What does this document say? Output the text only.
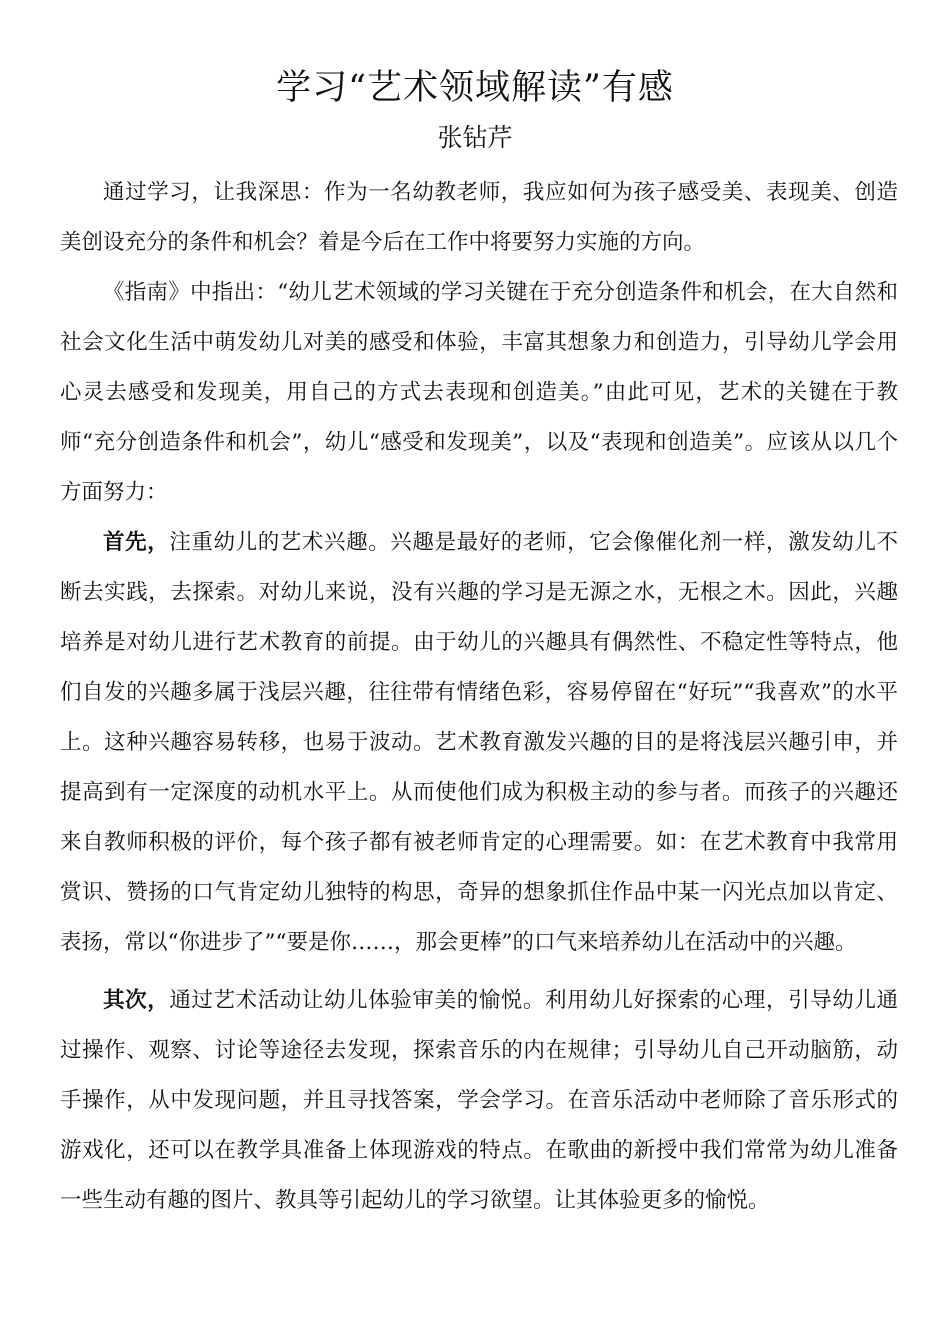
学习“艺术领域解读”有感
张钻芹

通过学习，让我深思：作为一名幼教老师，我应如何为孩子感受美、表现美、创造美创设充分的条件和机会？着是今后在工作中将要努力实施的方向。

《指南》中指出：“幼儿艺术领域的学习关键在于充分创造条件和机会，在大自然和社会文化生活中萌发幼儿对美的感受和体验，丰富其想象力和创造力，引导幼儿学会用心灵去感受和发现美，用自己的方式去表现和创造美。”由此可见，艺术的关键在于教师“充分创造条件和机会”，幼儿“感受和发现美”，以及“表现和创造美”。应该从以几个方面努力：

首先，注重幼儿的艺术兴趣。兴趣是最好的老师，它会像催化剂一样，激发幼儿不断去实践，去探索。对幼儿来说，没有兴趣的学习是无源之水，无根之木。因此，兴趣培养是对幼儿进行艺术教育的前提。由于幼儿的兴趣具有偶然性、不稳定性等特点，他们自发的兴趣多属于浅层兴趣，往往带有情绪色彩，容易停留在“好玩”“我喜欢”的水平上。这种兴趣容易转移，也易于波动。艺术教育激发兴趣的目的是将浅层兴趣引申，并提高到有一定深度的动机水平上。从而使他们成为积极主动的参与者。而孩子的兴趣还来自教师积极的评价，每个孩子都有被老师肯定的心理需要。如：在艺术教育中我常用赏识、赞扬的口气肯定幼儿独特的构思，奇异的想象抓住作品中某一闪光点加以肯定、表扬，常以“你进步了”“要是你……，那会更棒”的口气来培养幼儿在活动中的兴趣。

其次，通过艺术活动让幼儿体验审美的愉悦。利用幼儿好探索的心理，引导幼儿通过操作、观察、讨论等途径去发现，探索音乐的内在规律；引导幼儿自己开动脑筋，动手操作，从中发现问题，并且寻找答案，学会学习。在音乐活动中老师除了音乐形式的游戏化，还可以在教学具准备上体现游戏的特点。在歌曲的新授中我们常常为幼儿准备一些生动有趣的图片、教具等引起幼儿的学习欲望。让其体验更多的愉悦。
